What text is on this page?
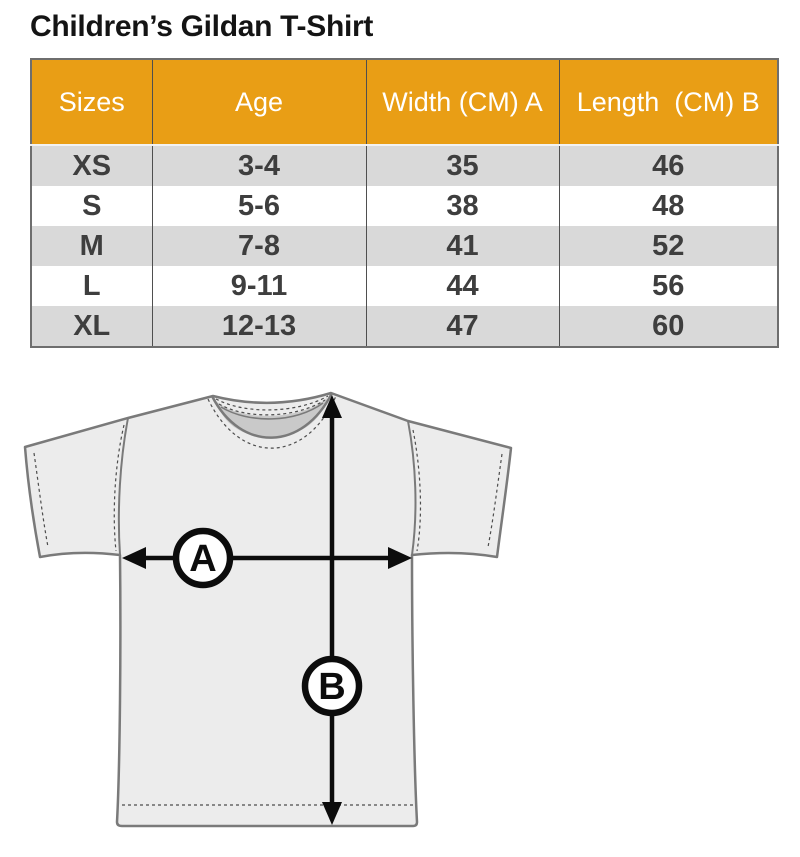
Children’s Gildan T-Shirt
Sizes	Age	Width (CM) A	Length  (CM) B
XS	3-4	35	46
S	5-6	38	48
M	7-8	41	52
L	9-11	44	56
XL	12-13	47	60
A
B
